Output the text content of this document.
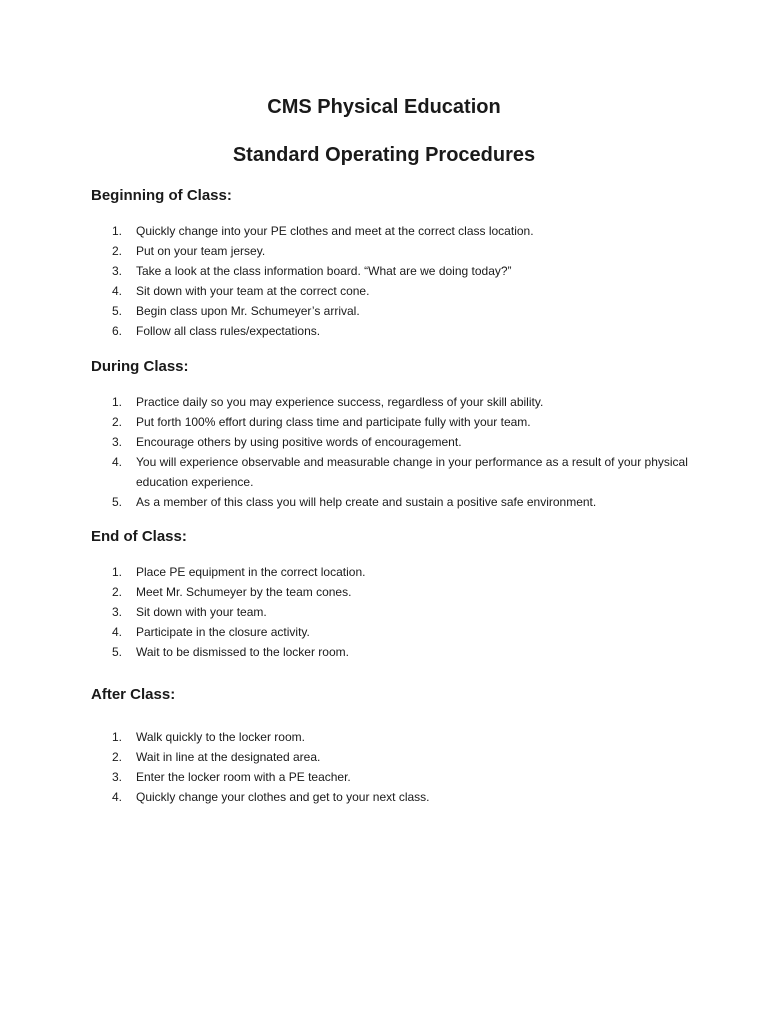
CMS Physical Education
Standard Operating Procedures
Beginning of Class:
1. Quickly change into your PE clothes and meet at the correct class location.
2. Put on your team jersey.
3. Take a look at the class information board. “What are we doing today?”
4. Sit down with your team at the correct cone.
5. Begin class upon Mr. Schumeyer’s arrival.
6. Follow all class rules/expectations.
During Class:
1. Practice daily so you may experience success, regardless of your skill ability.
2. Put forth 100% effort during class time and participate fully with your team.
3. Encourage others by using positive words of encouragement.
4. You will experience observable and measurable change in your performance as a result of your physical education experience.
5. As a member of this class you will help create and sustain a positive safe environment.
End of Class:
1. Place PE equipment in the correct location.
2. Meet Mr. Schumeyer by the team cones.
3. Sit down with your team.
4. Participate in the closure activity.
5. Wait to be dismissed to the locker room.
After Class:
1. Walk quickly to the locker room.
2. Wait in line at the designated area.
3. Enter the locker room with a PE teacher.
4. Quickly change your clothes and get to your next class.
